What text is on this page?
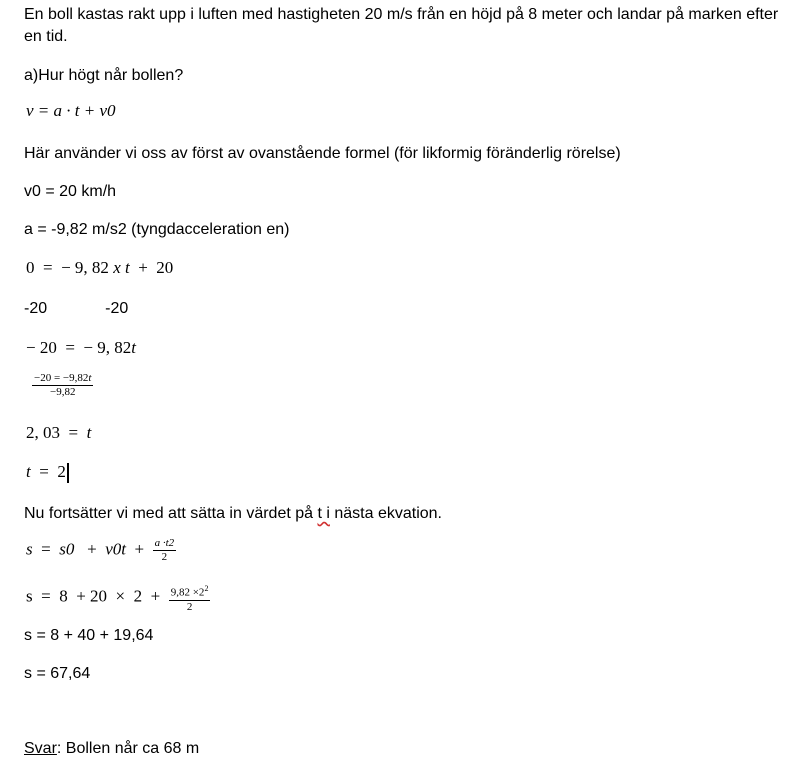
En boll kastas rakt upp i luften med hastigheten 20 m/s från en höjd på 8 meter och landar på marken efter en tid.
a)Hur högt når bollen?
v = a · t + v0
Här använder vi oss av först av ovanstående formel (för likformig föränderlig rörelse)
v0 = 20 km/h
a = -9,82 m/s2 (tyngdacceleration en)
0  =  − 9, 82 x t  +  20
-20	-20
− 20  =  − 9, 82t
$\frac{-20 = -9,82t}{-9,82}$
2, 03  =  t
t  =  2
Nu fortsätter vi med att sätta in värdet på t i nästa ekvation.
$s = s0 + v0t + \frac{a \cdot t2}{2}$
$s = 8 + 20 \times 2 + \frac{9,82 \times 2^2}{2}$
s = 8 + 40 + 19,64
s = 67,64
Svar: Bollen når ca 68 m
